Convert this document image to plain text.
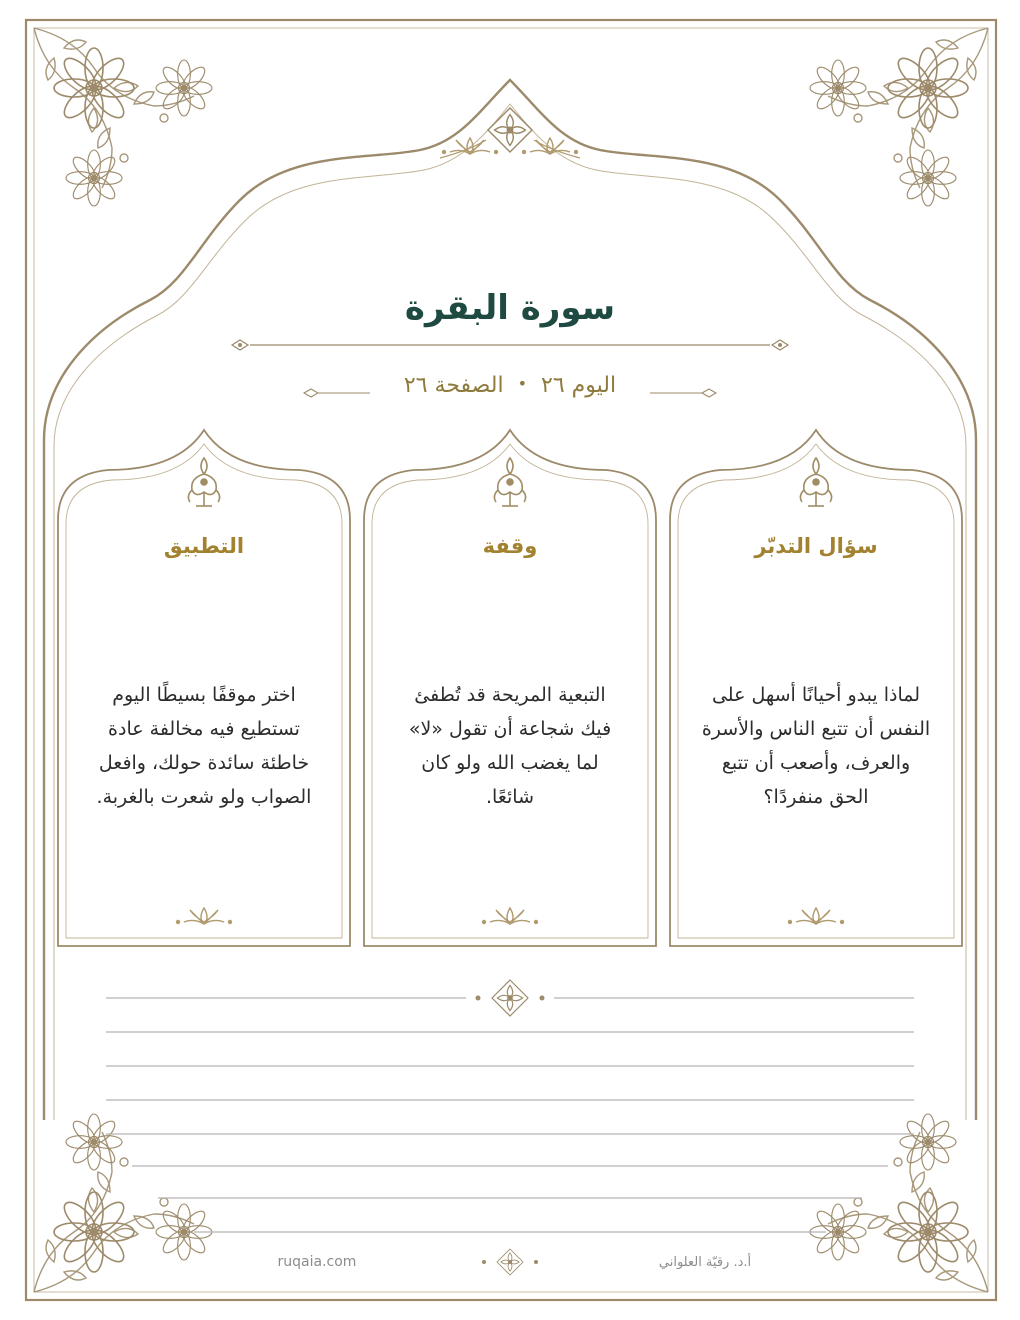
سورة البقرة
اليوم ٢٦•الصفحة ٢٦
سؤال التدبّر
لماذا يبدو أحيانًا أسهل على
النفس أن تتبع الناس والأسرة
والعرف، وأصعب أن تتبع
الحق منفردًا؟
وقفة
التبعية المريحة قد تُطفئ
فيك شجاعة أن تقول «لا»
لما يغضب الله ولو كان
شائعًا.
التطبيق
اختر موقفًا بسيطًا اليوم
تستطيع فيه مخالفة عادة
خاطئة سائدة حولك، وافعل
الصواب ولو شعرت بالغربة.
ruqaia.com	أ.د. رقيّة العلواني
